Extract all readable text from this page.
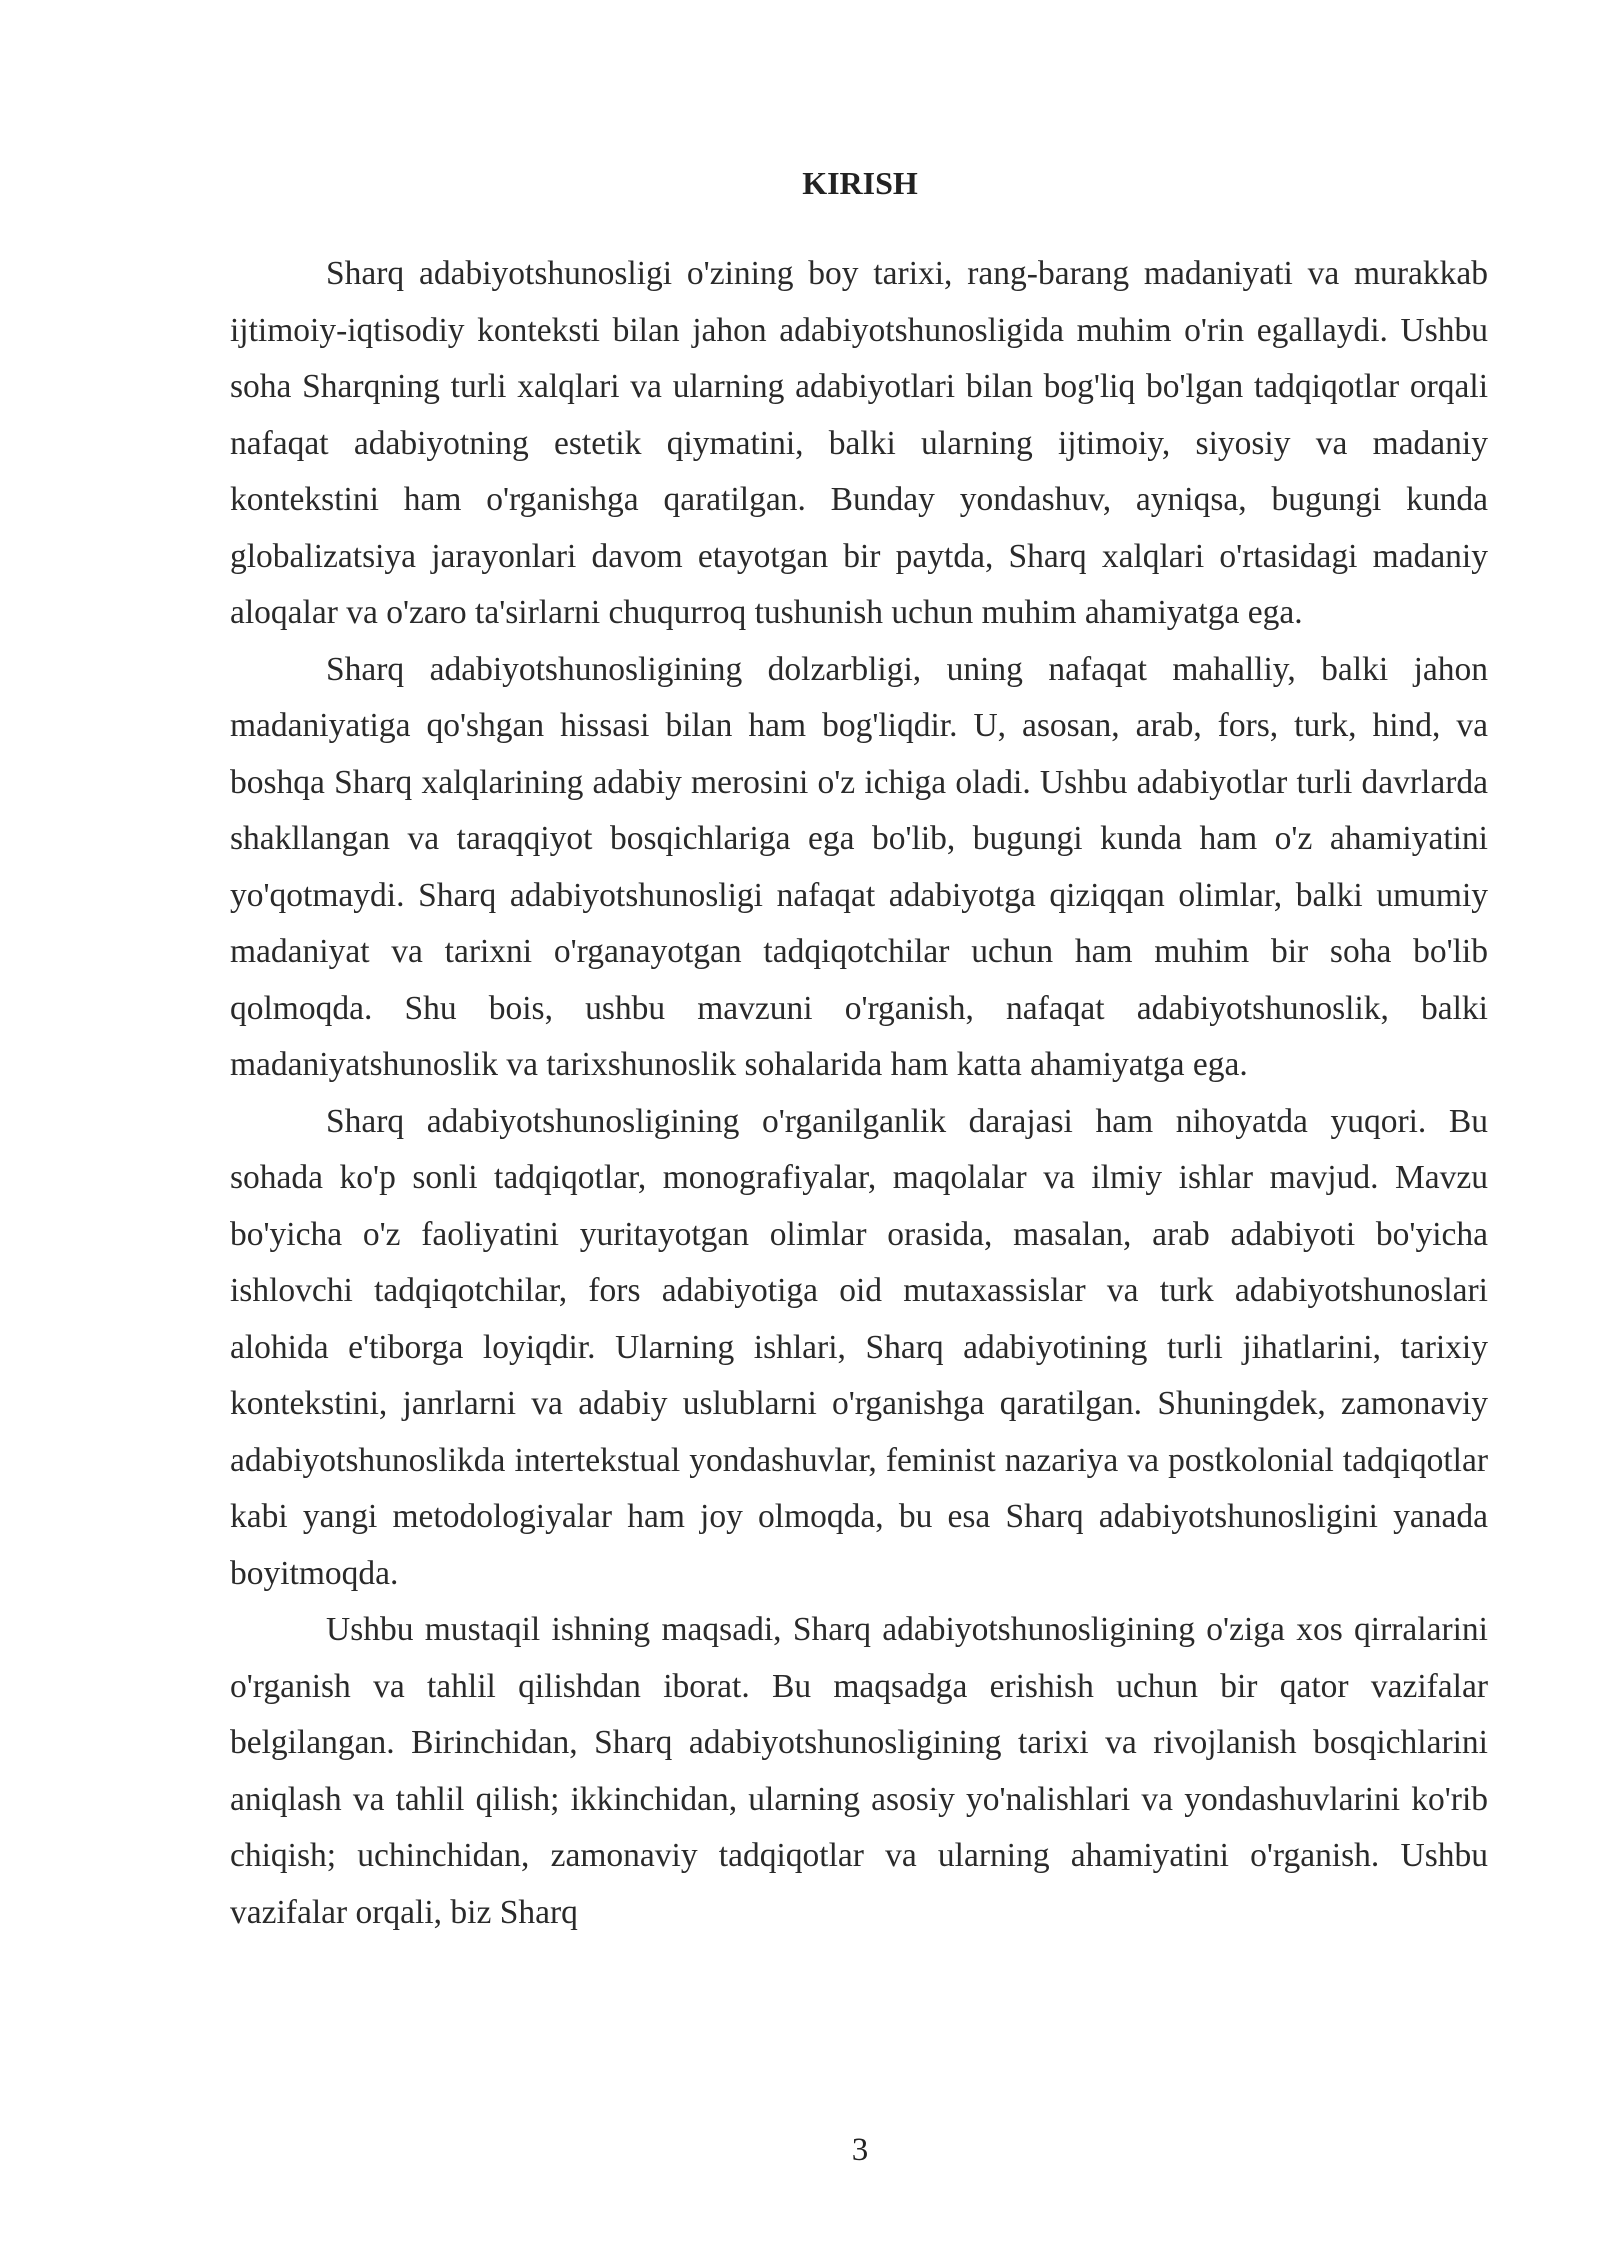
KIRISH

Sharq adabiyotshunosligi o'zining boy tarixi, rang-barang madaniyati va murakkab ijtimoiy-iqtisodiy konteksti bilan jahon adabiyotshunosligida muhim o'rin egallaydi. Ushbu soha Sharqning turli xalqlari va ularning adabiyotlari bilan bog'liq bo'lgan tadqiqotlar orqali nafaqat adabiyotning estetik qiymatini, balki ularning ijtimoiy, siyosiy va madaniy kontekstini ham o'rganishga qaratilgan. Bunday yondashuv, ayniqsa, bugungi kunda globalizatsiya jarayonlari davom etayotgan bir paytda, Sharq xalqlari o'rtasidagi madaniy aloqalar va o'zaro ta'sirlarni chuqurroq tushunish uchun muhim ahamiyatga ega.

Sharq adabiyotshunosligining dolzarbligi, uning nafaqat mahalliy, balki jahon madaniyatiga qo'shgan hissasi bilan ham bog'liqdir. U, asosan, arab, fors, turk, hind, va boshqa Sharq xalqlarining adabiy merosini o'z ichiga oladi. Ushbu adabiyotlar turli davrlarda shakllangan va taraqqiyot bosqichlariga ega bo'lib, bugungi kunda ham o'z ahamiyatini yo'qotmaydi. Sharq adabiyotshunosligi nafaqat adabiyotga qiziqqan olimlar, balki umumiy madaniyat va tarixni o'rganayotgan tadqiqotchilar uchun ham muhim bir soha bo'lib qolmoqda. Shu bois, ushbu mavzuni o'rganish, nafaqat adabiyotshunoslik, balki madaniyatshunoslik va tarixshunoslik sohalarida ham katta ahamiyatga ega.

Sharq adabiyotshunosligining o'rganilganlik darajasi ham nihoyatda yuqori. Bu sohada ko'p sonli tadqiqotlar, monografiyalar, maqolalar va ilmiy ishlar mavjud. Mavzu bo'yicha o'z faoliyatini yuritayotgan olimlar orasida, masalan, arab adabiyoti bo'yicha ishlovchi tadqiqotchilar, fors adabiyotiga oid mutaxassislar va turk adabiyotshunoslari alohida e'tiborga loyiqdir. Ularning ishlari, Sharq adabiyotining turli jihatlarini, tarixiy kontekstini, janrlarni va adabiy uslublarni o'rganishga qaratilgan. Shuningdek, zamonaviy adabiyotshunoslikda intertekstual yondashuvlar, feminist nazariya va postkolonial tadqiqotlar kabi yangi metodologiyalar ham joy olmoqda, bu esa Sharq adabiyotshunosligini yanada boyitmoqda.

Ushbu mustaqil ishning maqsadi, Sharq adabiyotshunosligining o'ziga xos qirralarini o'rganish va tahlil qilishdan iborat. Bu maqsadga erishish uchun bir qator vazifalar belgilangan. Birinchidan, Sharq adabiyotshunosligining tarixi va rivojlanish bosqichlarini aniqlash va tahlil qilish; ikkinchidan, ularning asosiy yo'nalishlari va yondashuvlarini ko'rib chiqish; uchinchidan, zamonaviy tadqiqotlar va ularning ahamiyatini o'rganish. Ushbu vazifalar orqali, biz Sharq

3
